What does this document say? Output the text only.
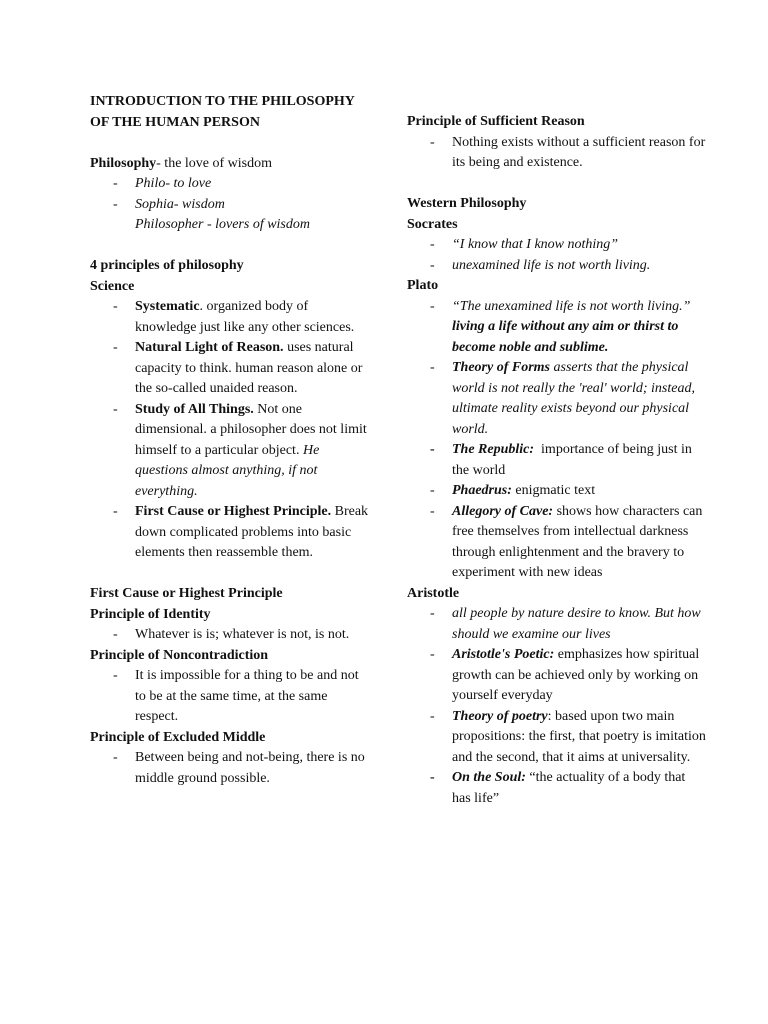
INTRODUCTION TO THE PHILOSOPHY OF THE HUMAN PERSON
Philosophy- the love of wisdom
- Philo- to love
- Sophia- wisdom
Philosopher - lovers of wisdom
4 principles of philosophy
Science
- Systematic. organized body of knowledge just like any other sciences.
- Natural Light of Reason. uses natural capacity to think. human reason alone or the so-called unaided reason.
- Study of All Things. Not one dimensional. a philosopher does not limit himself to a particular object. He questions almost anything, if not everything.
- First Cause or Highest Principle. Break down complicated problems into basic elements then reassemble them.
First Cause or Highest Principle
Principle of Identity
- Whatever is is; whatever is not, is not.
Principle of Noncontradiction
- It is impossible for a thing to be and not to be at the same time, at the same respect.
Principle of Excluded Middle
- Between being and not-being, there is no middle ground possible.
Principle of Sufficient Reason
- Nothing exists without a sufficient reason for its being and existence.
Western Philosophy
Socrates
- “I know that I know nothing”
- unexamined life is not worth living.
Plato
- “The unexamined life is not worth living.” living a life without any aim or thirst to become noble and sublime.
- Theory of Forms asserts that the physical world is not really the 'real' world; instead, ultimate reality exists beyond our physical world.
- The Republic:  importance of being just in the world
- Phaedrus: enigmatic text
- Allegory of Cave: shows how characters can free themselves from intellectual darkness through enlightenment and the bravery to experiment with new ideas
Aristotle
- all people by nature desire to know. But how should we examine our lives
- Aristotle's Poetic: emphasizes how spiritual growth can be achieved only by working on yourself everyday
- Theory of poetry: based upon two main propositions: the first, that poetry is imitation and the second, that it aims at universality.
- On the Soul: “the actuality of a body that has life”
